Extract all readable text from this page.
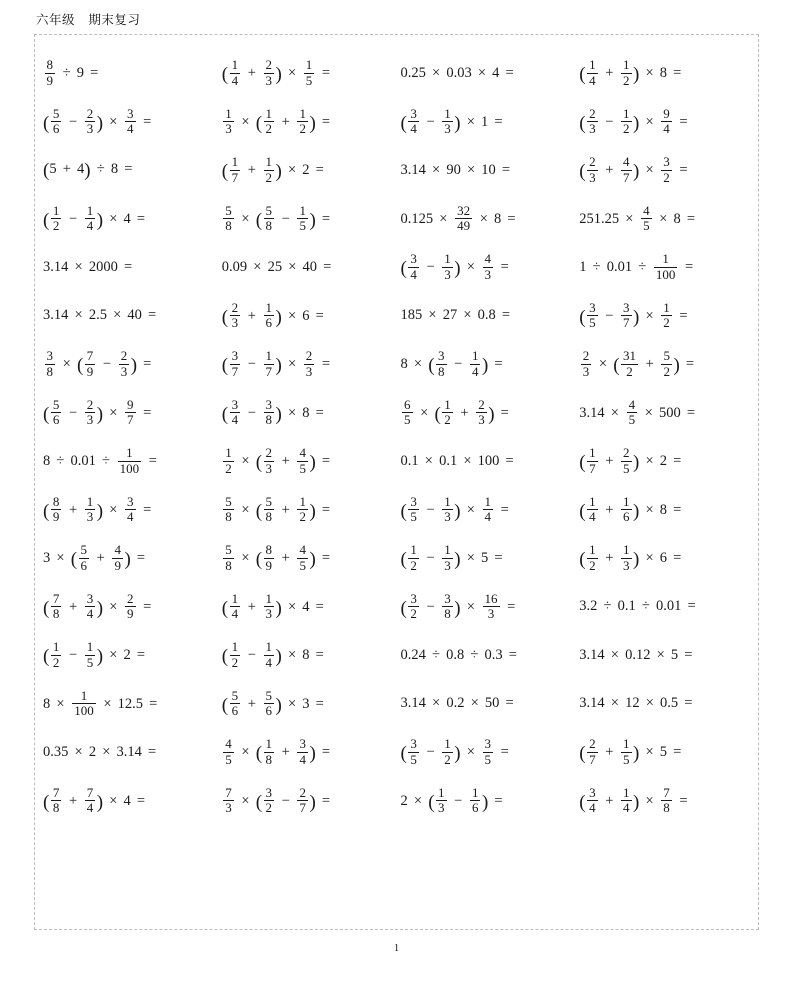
六年级   期末复习
$\frac{8}{9} \div 9$ =	( $\frac{1}{4} + \frac{2}{3}$ ) × $\frac{1}{5}$ =	0.25 × 0.03 × 4 =	( $\frac{1}{4} + \frac{1}{2}$ ) × 8 =
( $\frac{5}{6} - \frac{2}{3}$ ) × $\frac{3}{4}$ =	$\frac{1}{3}$ × ( $\frac{1}{2} + \frac{1}{2}$ ) =	( $\frac{3}{4} - \frac{1}{3}$ ) × 1 =	( $\frac{2}{3} - \frac{1}{2}$ ) × $\frac{9}{4}$ =
(5 + 4) ÷ 8 =	( $\frac{1}{7} + \frac{1}{2}$ ) × 2 =	3.14 × 90 × 10 =	( $\frac{2}{3} + \frac{4}{7}$ ) × $\frac{3}{2}$ =
( $\frac{1}{2} - \frac{1}{4}$ ) × 4 =	$\frac{5}{8}$ × ( $\frac{5}{8} - \frac{1}{5}$ ) =	$0.125 \times \frac{32}{49} \times 8$ =	$251.25 \times \frac{4}{5} \times 8$ =
3.14 × 2000 =	0.09 × 25 × 40 =	( $\frac{3}{4} - \frac{1}{3}$ ) × $\frac{4}{3}$ =	$1 \div 0.01 \div \frac{1}{100}$ =
3.14 × 2.5 × 40 =	( $\frac{2}{3} + \frac{1}{6}$ ) × 6 =	185 × 27 × 0.8 =	( $\frac{3}{5} - \frac{3}{7}$ ) × $\frac{1}{2}$ =

$\frac{3}{8}$ × ( $\frac{7}{9} - \frac{2}{3}$ ) =	( $\frac{3}{7} - \frac{1}{7}$ ) × $\frac{2}{3}$ =	8 × ( $\frac{3}{8} - \frac{1}{4}$ ) =	$\frac{2}{3}$ × ( $\frac{31}{2} + \frac{5}{2}$ ) =
( $\frac{5}{6} - \frac{2}{3}$ ) × $\frac{9}{7}$ =	( $\frac{3}{4} - \frac{3}{8}$ ) × 8 =	$\frac{6}{5}$ × ( $\frac{1}{2} + \frac{2}{3}$ ) =	$3.14 \times \frac{4}{5} \times 500$ =
$8 \div 0.01 \div \frac{1}{100}$ =	$\frac{1}{2}$ × ( $\frac{2}{3} + \frac{4}{5}$ ) =	0.1 × 0.1 × 100 =	( $\frac{1}{7} + \frac{2}{5}$ ) × 2 =
( $\frac{8}{9} + \frac{1}{3}$ ) × $\frac{3}{4}$ =	$\frac{5}{8}$ × ( $\frac{5}{8} + \frac{1}{2}$ ) =	( $\frac{3}{5} - \frac{1}{3}$ ) × $\frac{1}{4}$ =	( $\frac{1}{4} + \frac{1}{6}$ ) × 8 =
3 × ( $\frac{5}{6} + \frac{4}{9}$ ) =	$\frac{5}{8}$ × ( $\frac{8}{9} + \frac{4}{5}$ ) =	( $\frac{1}{2} - \frac{1}{3}$ ) × 5 =	( $\frac{1}{2} + \frac{1}{3}$ ) × 6 =
( $\frac{7}{8} + \frac{3}{4}$ ) × $\frac{2}{9}$ =	( $\frac{1}{4} + \frac{1}{3}$ ) × 4 =	( $\frac{3}{2} - \frac{3}{8}$ ) × $\frac{16}{3}$ =	3.2 ÷ 0.1 ÷ 0.01 =
( $\frac{1}{2} - \frac{1}{5}$ ) × 2 =	( $\frac{1}{2} - \frac{1}{4}$ ) × 8 =	0.24 ÷ 0.8 ÷ 0.3 =	3.14 × 0.12 × 5 =
$8 \times \frac{1}{100} \times 12.5$ =	( $\frac{5}{6} + \frac{5}{6}$ ) × 3 =	3.14 × 0.2 × 50 =	3.14 × 12 × 0.5 =
0.35 × 2 × 3.14 =	$\frac{4}{5}$ × ( $\frac{1}{8} + \frac{3}{4}$ ) =	( $\frac{3}{5} - \frac{1}{2}$ ) × $\frac{3}{5}$ =	( $\frac{2}{7} + \frac{1}{5}$ ) × 5 =
( $\frac{7}{8} + \frac{7}{4}$ ) × 4 =	$\frac{7}{3}$ × ( $\frac{3}{2} - \frac{2}{7}$ ) =	2 × ( $\frac{1}{3} - \frac{1}{6}$ ) =	( $\frac{3}{4} + \frac{1}{4}$ ) × $\frac{7}{8}$ =
1
